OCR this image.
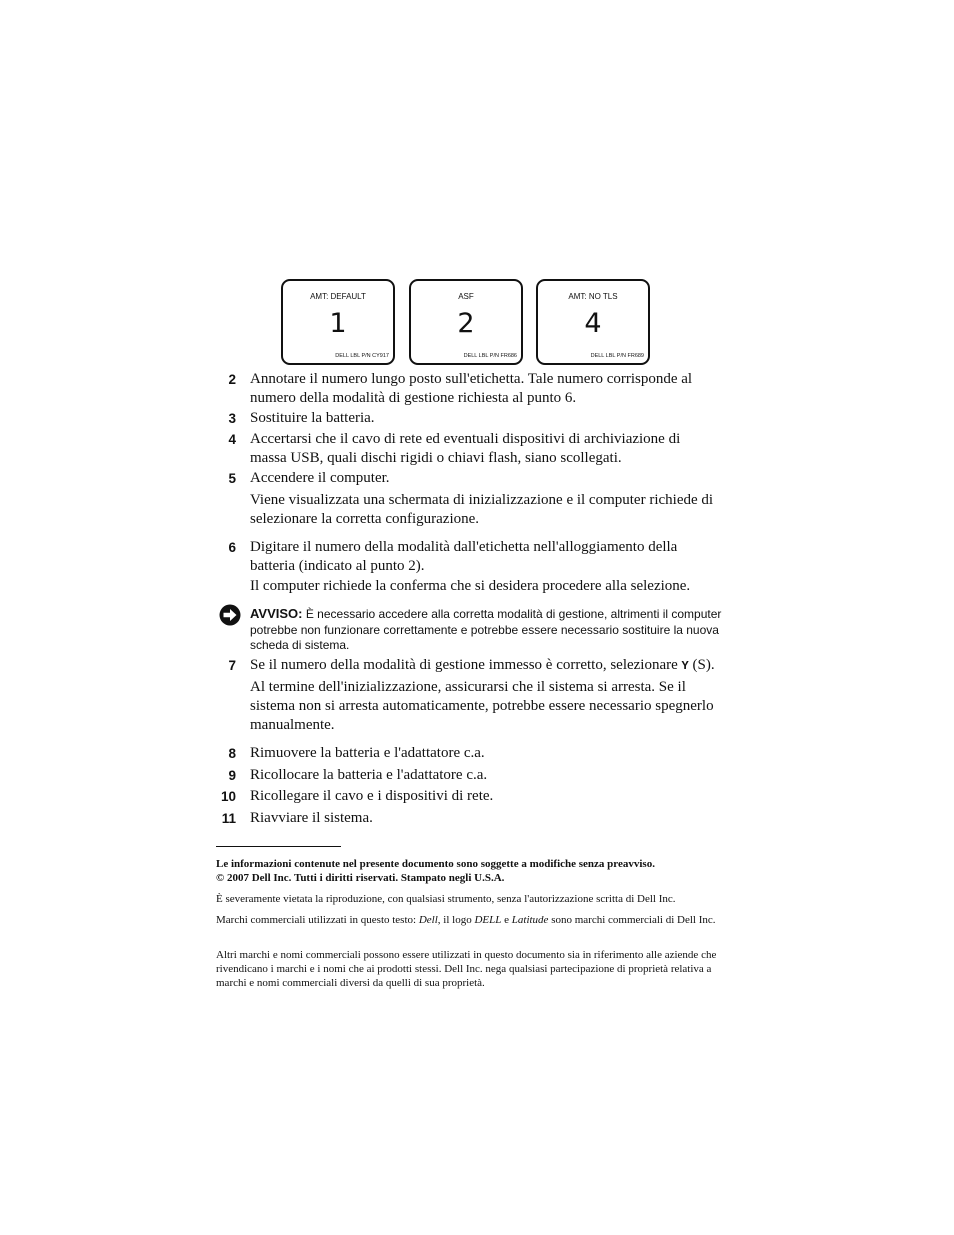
AMT: DEFAULT
1
DELL LBL P/N CY917
ASF
2
DELL LBL P/N FR686
AMT: NO TLS
4
DELL LBL P/N FR689
2 Annotare il numero lungo posto sull'etichetta. Tale numero corrisponde al numero della modalità di gestione richiesta al punto 6.
3 Sostituire la batteria.
4 Accertarsi che il cavo di rete ed eventuali dispositivi di archiviazione di massa USB, quali dischi rigidi o chiavi flash, siano scollegati.
5 Accendere il computer.
Viene visualizzata una schermata di inizializzazione e il computer richiede di selezionare la corretta configurazione.
6 Digitare il numero della modalità dall'etichetta nell'alloggiamento della batteria (indicato al punto 2).
Il computer richiede la conferma che si desidera procedere alla selezione.
AVVISO: È necessario accedere alla corretta modalità di gestione, altrimenti il computer potrebbe non funzionare correttamente e potrebbe essere necessario sostituire la nuova scheda di sistema.
7 Se il numero della modalità di gestione immesso è corretto, selezionare Y (S).
Al termine dell'inizializzazione, assicurarsi che il sistema si arresta. Se il sistema non si arresta automaticamente, potrebbe essere necessario spegnerlo manualmente.
8 Rimuovere la batteria e l'adattatore c.a.
9 Ricollocare la batteria e l'adattatore c.a.
10 Ricollegare il cavo e i dispositivi di rete.
11 Riavviare il sistema.
Le informazioni contenute nel presente documento sono soggette a modifiche senza preavviso.
© 2007 Dell Inc. Tutti i diritti riservati. Stampato negli U.S.A.
È severamente vietata la riproduzione, con qualsiasi strumento, senza l'autorizzazione scritta di Dell Inc.
Marchi commerciali utilizzati in questo testo: Dell, il logo DELL e Latitude sono marchi commerciali di Dell Inc.
Altri marchi e nomi commerciali possono essere utilizzati in questo documento sia in riferimento alle aziende che rivendicano i marchi e i nomi che ai prodotti stessi. Dell Inc. nega qualsiasi partecipazione di proprietà relativa a marchi e nomi commerciali diversi da quelli di sua proprietà.
